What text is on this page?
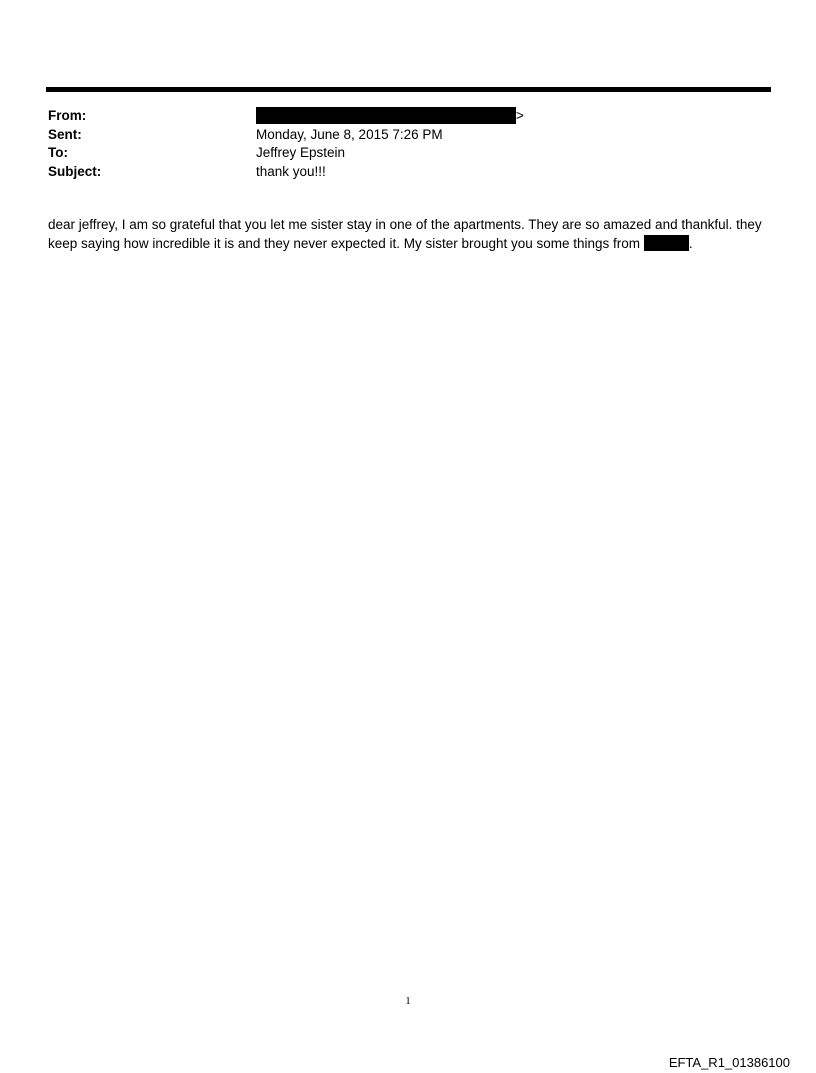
From:	>
Sent:	Monday, June 8, 2015 7:26 PM
To:	Jeffrey Epstein
Subject:	thank you!!!
dear jeffrey, I am so grateful that you let me sister stay in one of the apartments. They are so amazed and thankful. they
keep saying how incredible it is and they never expected it. My sister brought you some things from	.
1
EFTA_R1_01386100
